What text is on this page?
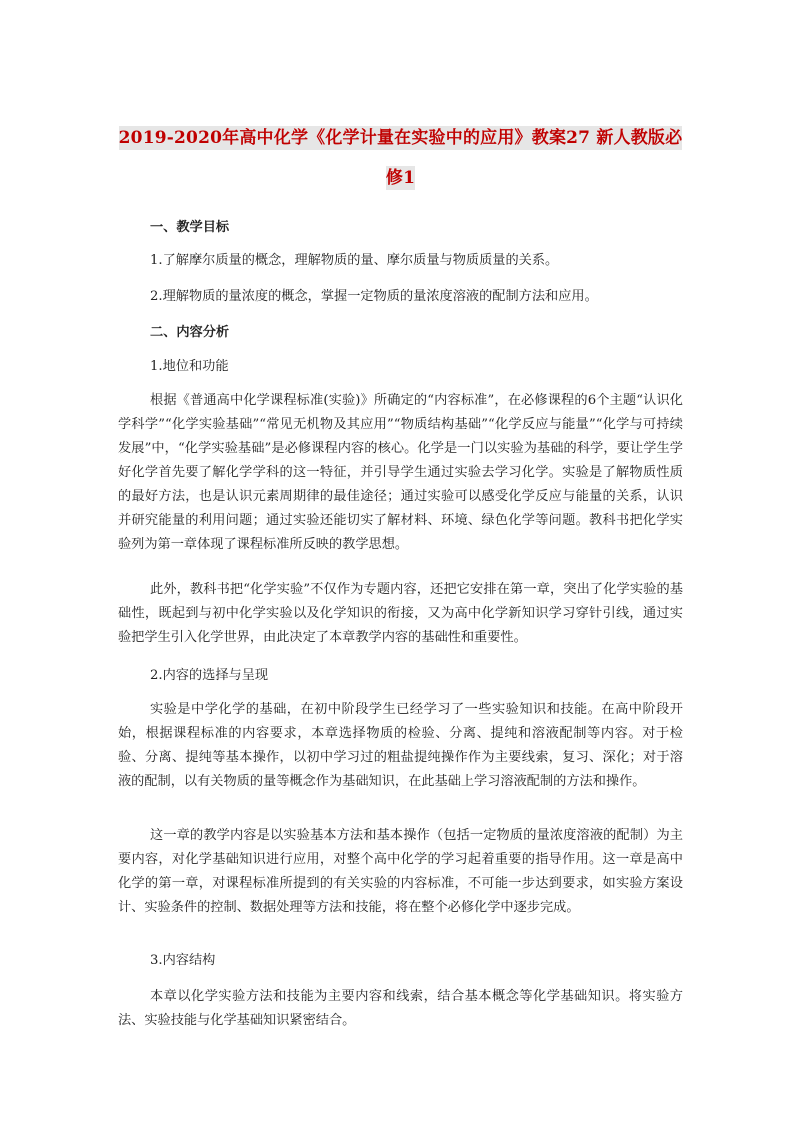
2019-2020年高中化学《化学计量在实验中的应用》教案27 新人教版必修1
一、教学目标
1.了解摩尔质量的概念，理解物质的量、摩尔质量与物质质量的关系。
2.理解物质的量浓度的概念，掌握一定物质的量浓度溶液的配制方法和应用。
二、内容分析
1.地位和功能

根据《普通高中化学课程标准(实验)》所确定的“内容标准”，在必修课程的6个主题“认识化学科学”“化学实验基础”“常见无机物及其应用”“物质结构基础”“化学反应与能量”“化学与可持续发展”中，“化学实验基础”是必修课程内容的核心。化学是一门以实验为基础的科学，要让学生学好化学首先要了解化学学科的这一特征，并引导学生通过实验去学习化学。实验是了解物质性质的最好方法，也是认识元素周期律的最佳途径；通过实验可以感受化学反应与能量的关系，认识并研究能量的利用问题；通过实验还能切实了解材料、环境、绿色化学等问题。教科书把化学实验列为第一章体现了课程标准所反映的教学思想。

此外，教科书把“化学实验”不仅作为专题内容，还把它安排在第一章，突出了化学实验的基础性，既起到与初中化学实验以及化学知识的衔接，又为高中化学新知识学习穿针引线，通过实验把学生引入化学世界，由此决定了本章教学内容的基础性和重要性。

2.内容的选择与呈现

实验是中学化学的基础，在初中阶段学生已经学习了一些实验知识和技能。在高中阶段开始，根据课程标准的内容要求，本章选择物质的检验、分离、提纯和溶液配制等内容。对于检验、分离、提纯等基本操作，以初中学习过的粗盐提纯操作作为主要线索，复习、深化；对于溶液的配制，以有关物质的量等概念作为基础知识，在此基础上学习溶液配制的方法和操作。

这一章的教学内容是以实验基本方法和基本操作（包括一定物质的量浓度溶液的配制）为主要内容，对化学基础知识进行应用，对整个高中化学的学习起着重要的指导作用。这一章是高中化学的第一章，对课程标准所提到的有关实验的内容标准，不可能一步达到要求，如实验方案设计、实验条件的控制、数据处理等方法和技能，将在整个必修化学中逐步完成。

3.内容结构

本章以化学实验方法和技能为主要内容和线索，结合基本概念等化学基础知识。将实验方法、实验技能与化学基础知识紧密结合。
